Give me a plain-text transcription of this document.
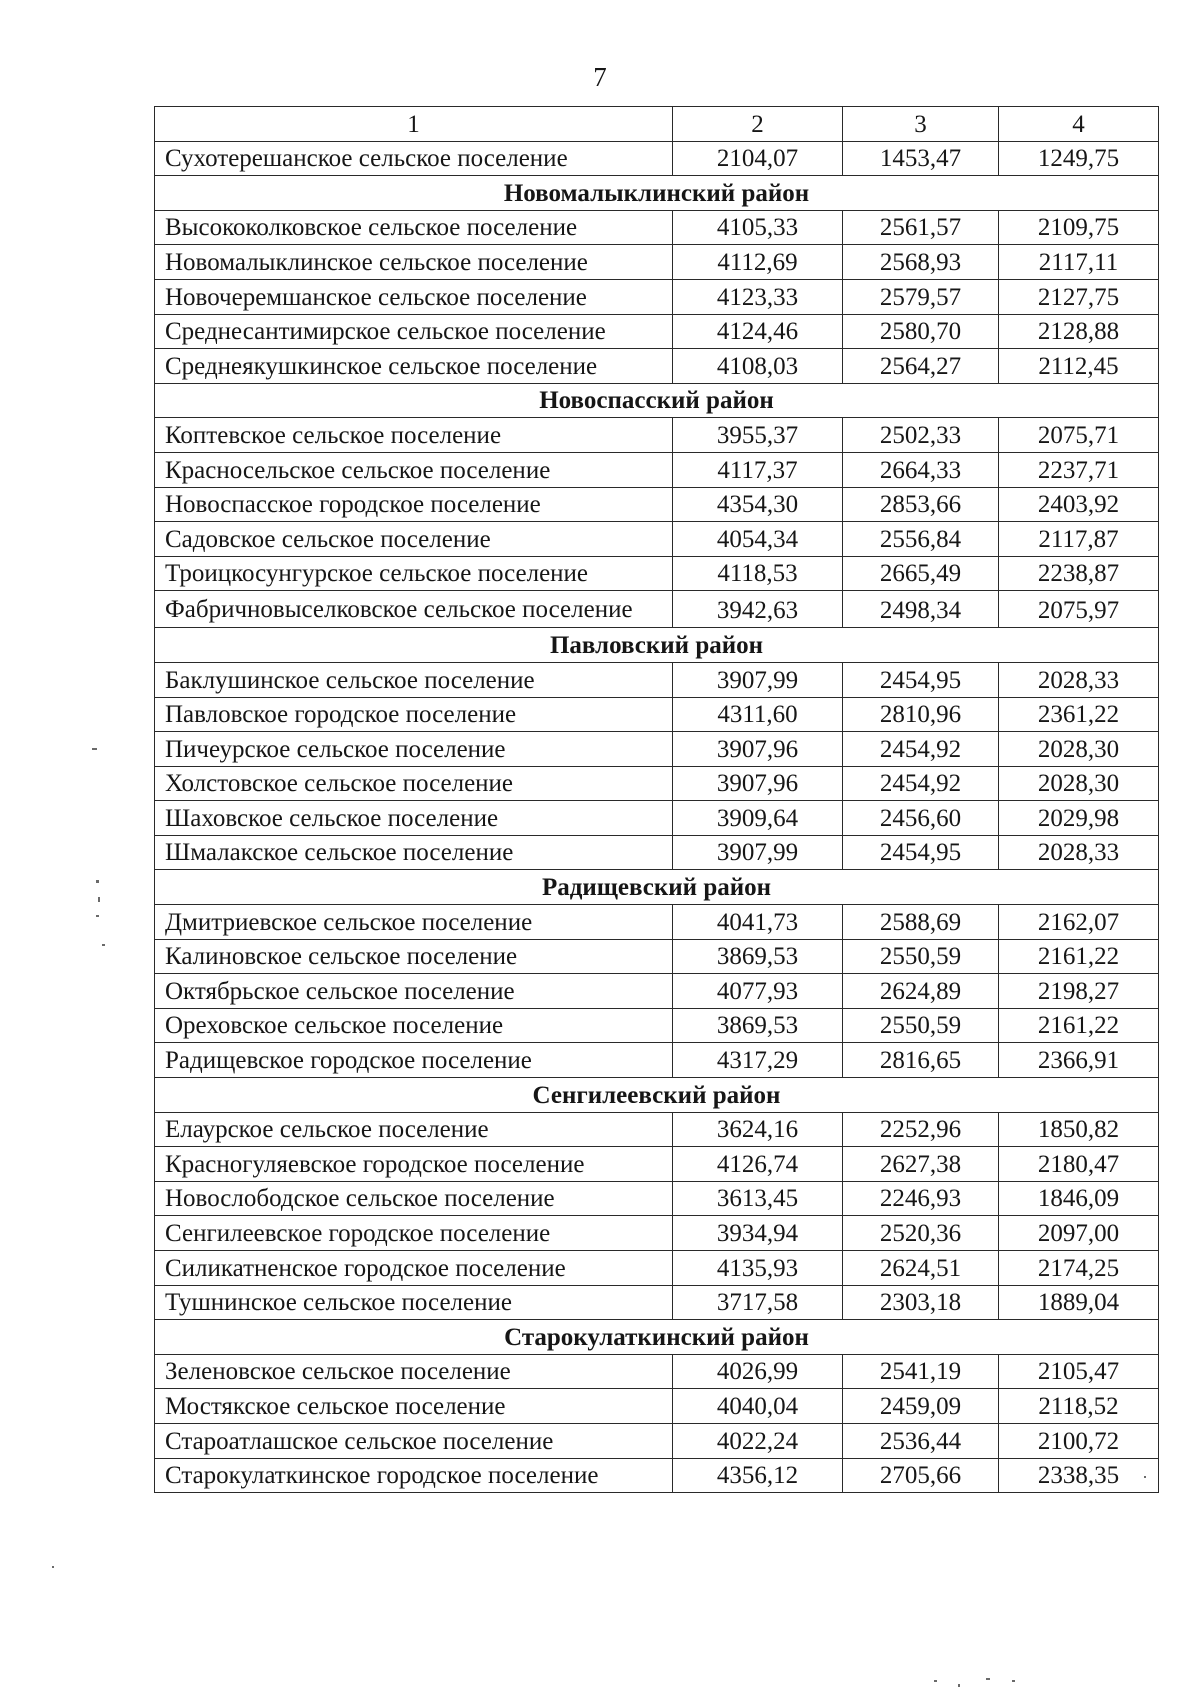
7
1	2	3	4
Сухотерешанское сельское поселение	2104,07	1453,47	1249,75
Новомалыклинский район			
Высококолковское сельское поселение	4105,33	2561,57	2109,75
Новомалыклинское сельское поселение	4112,69	2568,93	2117,11
Новочеремшанское сельское поселение	4123,33	2579,57	2127,75
Среднесантимирское сельское поселение	4124,46	2580,70	2128,88
Среднеякушкинское сельское поселение	4108,03	2564,27	2112,45
Новоспасский район			
Коптевское сельское поселение	3955,37	2502,33	2075,71
Красносельское сельское поселение	4117,37	2664,33	2237,71
Новоспасское городское поселение	4354,30	2853,66	2403,92
Садовское сельское поселение	4054,34	2556,84	2117,87
Троицкосунгурское сельское поселение	4118,53	2665,49	2238,87
Фабричновыселковское сельское поселение	3942,63	2498,34	2075,97
Павловский район			
Баклушинское сельское поселение	3907,99	2454,95	2028,33
Павловское городское поселение	4311,60	2810,96	2361,22
Пичеурское сельское поселение	3907,96	2454,92	2028,30
Холстовское сельское поселение	3907,96	2454,92	2028,30
Шаховское сельское поселение	3909,64	2456,60	2029,98
Шмалакское сельское поселение	3907,99	2454,95	2028,33
Радищевский район			
Дмитриевское сельское поселение	4041,73	2588,69	2162,07
Калиновское сельское поселение	3869,53	2550,59	2161,22
Октябрьское сельское поселение	4077,93	2624,89	2198,27
Ореховское сельское поселение	3869,53	2550,59	2161,22
Радищевское городское поселение	4317,29	2816,65	2366,91
Сенгилеевский район			
Елаурское сельское поселение	3624,16	2252,96	1850,82
Красногуляевское городское поселение	4126,74	2627,38	2180,47
Новослободское сельское поселение	3613,45	2246,93	1846,09
Сенгилеевское городское поселение	3934,94	2520,36	2097,00
Силикатненское городское поселение	4135,93	2624,51	2174,25
Тушнинское сельское поселение	3717,58	2303,18	1889,04
Старокулаткинский район			
Зеленовское сельское поселение	4026,99	2541,19	2105,47
Мостякское сельское поселение	4040,04	2459,09	2118,52
Староатлашское сельское поселение	4022,24	2536,44	2100,72
Старокулаткинское городское поселение	4356,12	2705,66	2338,35
